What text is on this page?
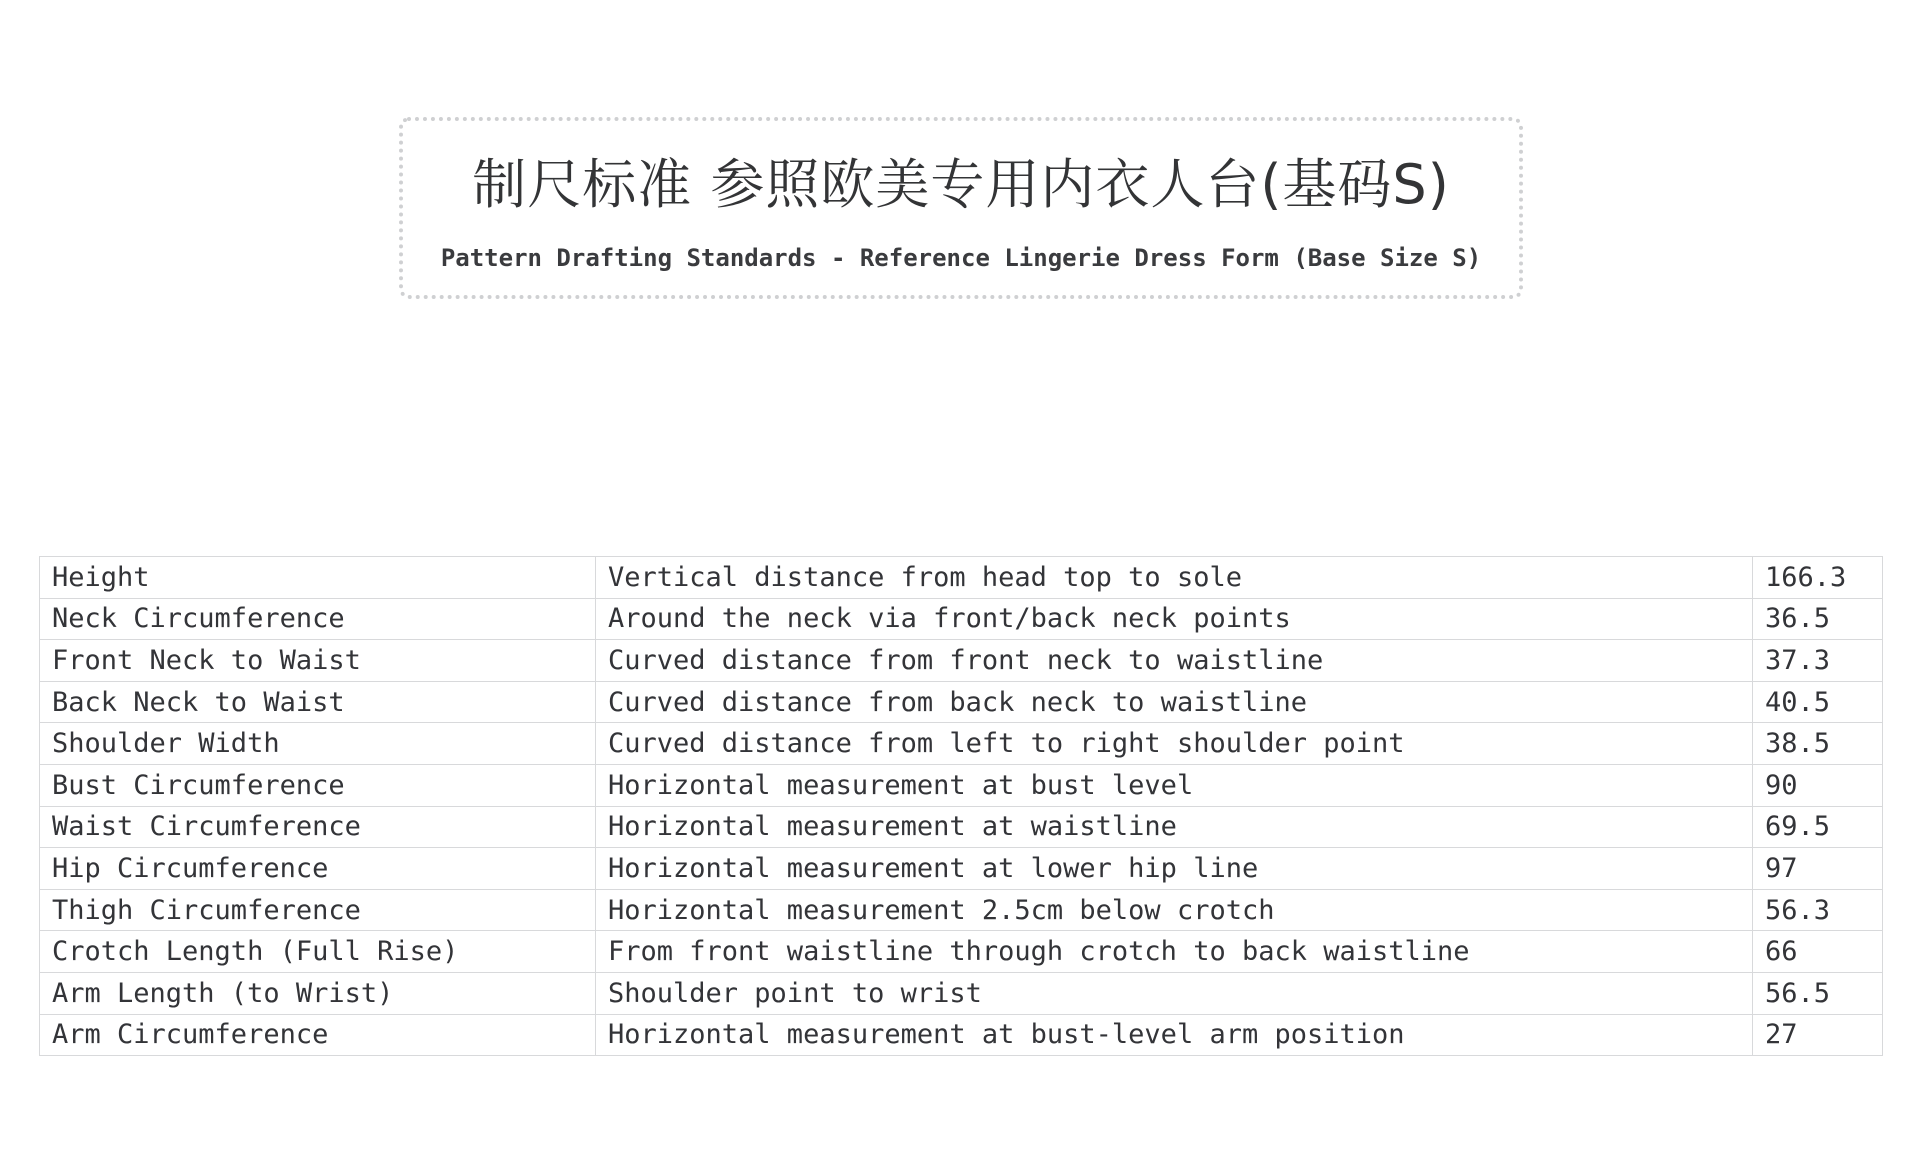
制尺标准 参照欧美专用内衣人台(基码S)
Pattern Drafting Standards - Reference Lingerie Dress Form (Base Size S)
Height	Vertical distance from head top to sole	166.3
Neck Circumference	Around the neck via front/back neck points	36.5
Front Neck to Waist	Curved distance from front neck to waistline	37.3
Back Neck to Waist	Curved distance from back neck to waistline	40.5
Shoulder Width	Curved distance from left to right shoulder point	38.5
Bust Circumference	Horizontal measurement at bust level	90
Waist Circumference	Horizontal measurement at waistline	69.5
Hip Circumference	Horizontal measurement at lower hip line	97
Thigh Circumference	Horizontal measurement 2.5cm below crotch	56.3
Crotch Length (Full Rise)	From front waistline through crotch to back waistline	66
Arm Length (to Wrist)	Shoulder point to wrist	56.5
Arm Circumference	Horizontal measurement at bust-level arm position	27
